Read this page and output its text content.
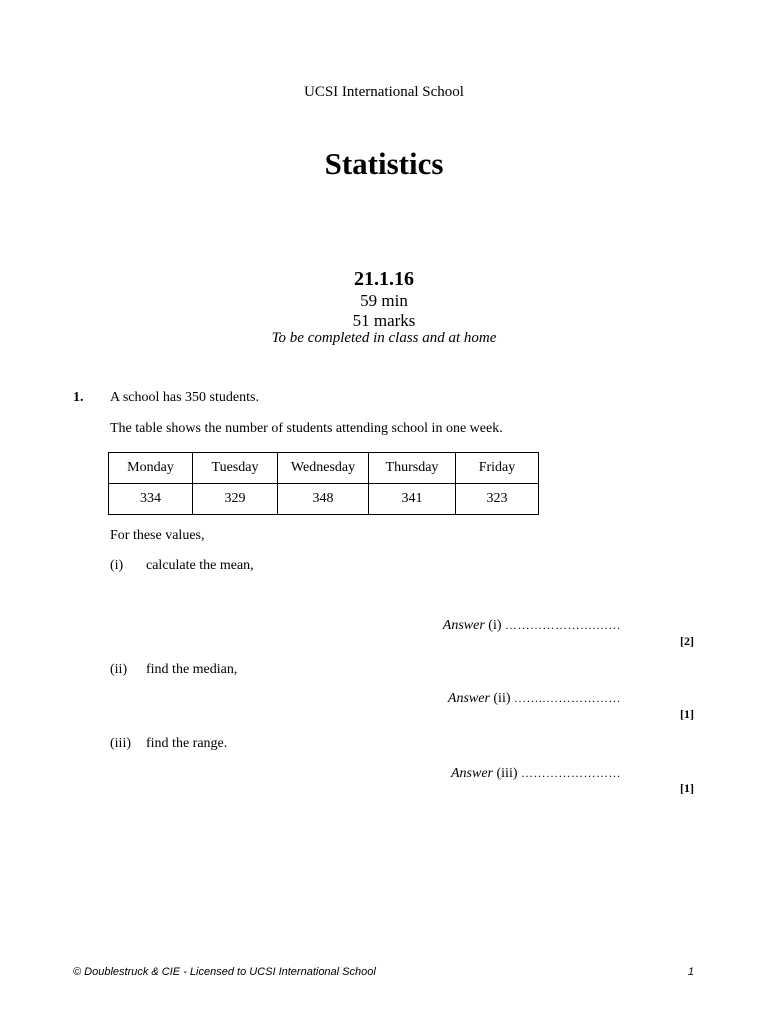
UCSI International School
Statistics
21.1.16
59 min
51 marks
To be completed in class and at home
1. A school has 350 students.
The table shows the number of students attending school in one week.
Monday	Tuesday	Wednesday	Thursday	Friday
334	329	348	341	323
For these values,
(i) calculate the mean,
Answer (i) ………………….……
[2]
(ii) find the median,
Answer (ii) ……..………………
[1]
(iii) find the range.
Answer (iii) ……………………
[1]
© Doublestruck & CIE - Licensed to UCSI International School	1
